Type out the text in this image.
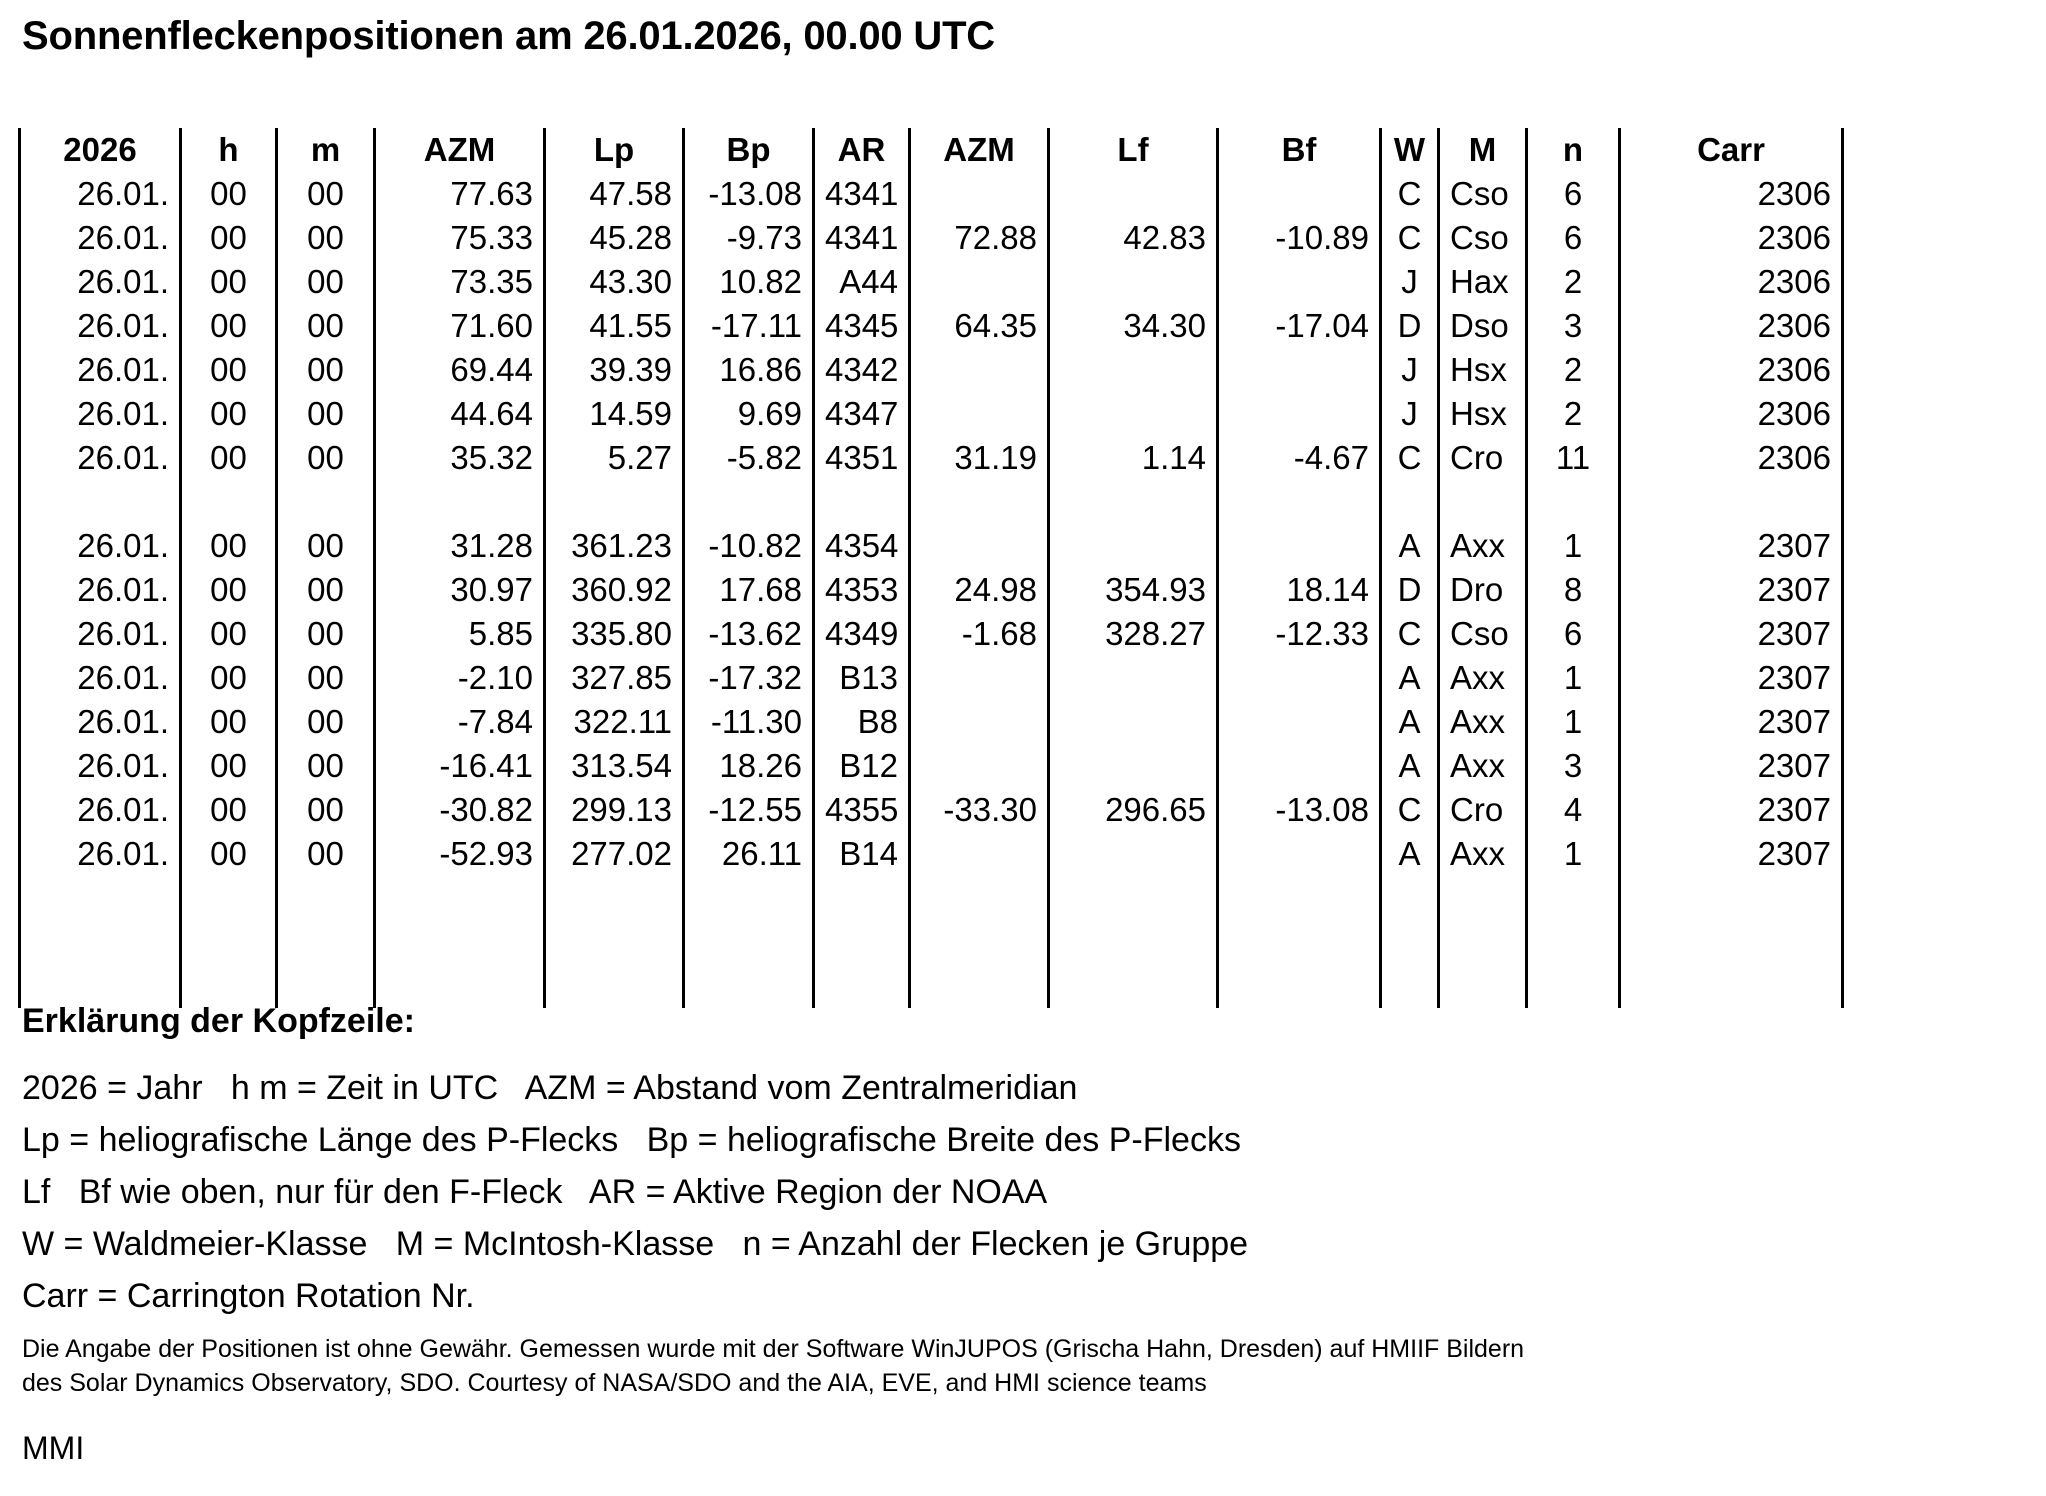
Sonnenfleckenpositionen am 26.01.2026, 00.00 UTC
2026	h	m	AZM	Lp	Bp	AR	AZM	Lf	Bf	W	M	n	Carr
26.01.	00	00	77.63	47.58	-13.08	4341				C	Cso	6	2306
26.01.	00	00	75.33	45.28	-9.73	4341	72.88	42.83	-10.89	C	Cso	6	2306
26.01.	00	00	73.35	43.30	10.82	A44				J	Hax	2	2306
26.01.	00	00	71.60	41.55	-17.11	4345	64.35	34.30	-17.04	D	Dso	3	2306
26.01.	00	00	69.44	39.39	16.86	4342				J	Hsx	2	2306
26.01.	00	00	44.64	14.59	9.69	4347				J	Hsx	2	2306
26.01.	00	00	35.32	5.27	-5.82	4351	31.19	1.14	-4.67	C	Cro	11	2306

26.01.	00	00	31.28	361.23	-10.82	4354				A	Axx	1	2307
26.01.	00	00	30.97	360.92	17.68	4353	24.98	354.93	18.14	D	Dro	8	2307
26.01.	00	00	5.85	335.80	-13.62	4349	-1.68	328.27	-12.33	C	Cso	6	2307
26.01.	00	00	-2.10	327.85	-17.32	B13				A	Axx	1	2307
26.01.	00	00	-7.84	322.11	-11.30	B8				A	Axx	1	2307
26.01.	00	00	-16.41	313.54	18.26	B12				A	Axx	3	2307
26.01.	00	00	-30.82	299.13	-12.55	4355	-33.30	296.65	-13.08	C	Cro	4	2307
26.01.	00	00	-52.93	277.02	26.11	B14				A	Axx	1	2307

Erklärung der Kopfzeile:
2026 = Jahr   h m = Zeit in UTC   AZM = Abstand vom Zentralmeridian
Lp = heliografische Länge des P-Flecks   Bp = heliografische Breite des P-Flecks
Lf   Bf wie oben, nur für den F-Fleck   AR = Aktive Region der NOAA
W = Waldmeier-Klasse   M = McIntosh-Klasse   n = Anzahl der Flecken je Gruppe
Carr = Carrington Rotation Nr.
Die Angabe der Positionen ist ohne Gewähr. Gemessen wurde mit der Software WinJUPOS (Grischa Hahn, Dresden) auf HMIIF Bildern
des Solar Dynamics Observatory, SDO. Courtesy of NASA/SDO and the AIA, EVE, and HMI science teams
MMI
